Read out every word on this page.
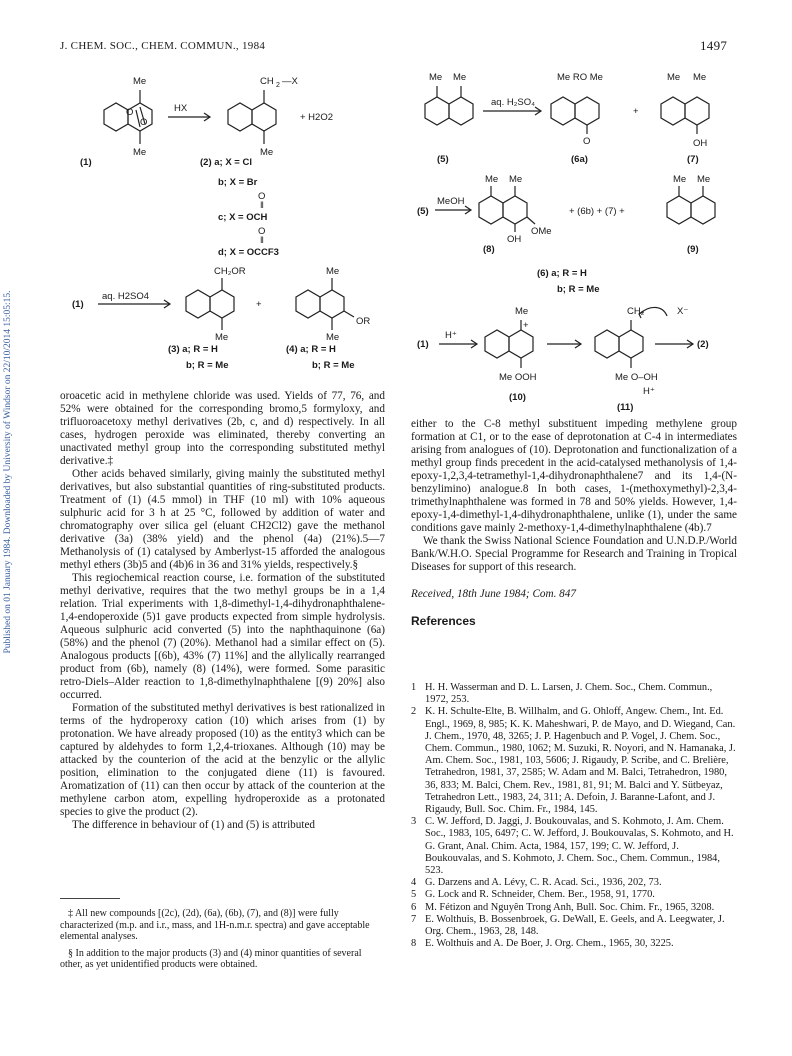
J. CHEM. SOC., CHEM. COMMUN., 1984	1497
Published on 01 January 1984. Downloaded by University of Windsor on 22/10/2014 15:05:15.
Me
Me
O
O
HX
CH 2 —X
Me
+ H2O2
(1)	(2) a; X = Cl
b; X = Br
O
‖
c; X = OCH
O
‖
d; X = OCCF3
aq. H2SO4
(1)
CH₂OR
Me
+
Me
Me
OR
(3) a; R = H
b; R = Me
(4) a; R = H
b; R = Me
Me Me
aq. H₂SO₄
Me RO Me
O
+
Me Me
OH
(5)	(6a)	(7)
(5)
MeOH
Me Me
OMe
OH
+ (6b) + (7) +
Me Me
(8)	(9)
(6) a; R = H
b; R = Me
(1)
H⁺
Me
+
Me OOH
CH₂	X⁻
Me O–OH
H⁺
(2)
(10)
(11)

oroacetic acid in methylene chloride was used. Yields of 77, 76, and 52% were obtained for the corresponding bromo,5 formyloxy, and trifluoroacetoxy methyl derivatives (2b, c, and d) respectively. In all cases, hydrogen peroxide was eliminated, thereby converting an unactivated methyl group into the corresponding substituted methyl derivative.‡

Other acids behaved similarly, giving mainly the substituted methyl derivatives, but also substantial quantities of ring-substituted products. Treatment of (1) (4.5 mmol) in THF (10 ml) with 10% aqueous sulphuric acid for 3 h at 25 °C, followed by addition of water and chromatography over silica gel (eluant CH2Cl2) gave the methanol derivative (3a) (38% yield) and the phenol (4a) (21%).5—7 Methanolysis of (1) catalysed by Amberlyst-15 afforded the analogous methyl ethers (3b)5 and (4b)6 in 36 and 31% yields, respectively.§

This regiochemical reaction course, i.e. formation of the substituted methyl derivative, requires that the two methyl groups be in a 1,4 relation. Trial experiments with 1,8-dimethyl-1,4-dihydronaphthalene-1,4-endoperoxide (5)1 gave products expected from simple hydrolysis. Aqueous sulphuric acid converted (5) into the naphthaquinone (6a) (58%) and the phenol (7) (20%). Methanol had a similar effect on (5). Analogous products [(6b), 43% (7) 11%] and the allylically rearranged product from (6b), namely (8) (14%), were formed. Some parasitic retro-Diels–Alder reaction to 1,8-dimethylnaphthalene [(9) 20%] also occurred.

Formation of the substituted methyl derivatives is best rationalized in terms of the hydroperoxy cation (10) which arises from (1) by protonation. We have already proposed (10) as the entity3 which can be captured by aldehydes to form 1,2,4-trioxanes. Although (10) may be attacked by the counterion of the acid at the benzylic or the allylic position, elimination to the conjugated diene (11) is favoured. Aromatization of (11) can then occur by attack of the counterion at the methylene carbon atom, expelling hydroperoxide as a protonated species to give the product (2).

The difference in behaviour of (1) and (5) is attributed

‡ All new compounds [(2c), (2d), (6a), (6b), (7), and (8)] were fully characterized (m.p. and i.r., mass, and 1H-n.m.r. spectra) and gave acceptable elemental analyses.

§ In addition to the major products (3) and (4) minor quantities of several other, as yet unidentified products were obtained.

either to the C-8 methyl substituent impeding methylene group formation at C1, or to the ease of deprotonation at C-4 in intermediates arising from analogues of (10). Deprotonation and functionalization of a methyl group finds precedent in the acid-catalysed methanolysis of 1,4-epoxy-1,2,3,4-tetramethyl-1,4-dihydronaphthalene7 and its 1,4-(N-benzylimino) analogue.8 In both cases, 1-(methoxymethyl)-2,3,4-trimethylnaphthalene was formed in 78 and 50% yields. However, 1,4-epoxy-1,4-dimethyl-1,4-dihydronaphthalene, unlike (1), under the same conditions gave mainly 2-methoxy-1,4-dimethylnaphthalene (4b).7

We thank the Swiss National Science Foundation and U.N.D.P./World Bank/W.H.O. Special Programme for Research and Training in Tropical Diseases for support of this research.

Received, 18th June 1984; Com. 847

References

1 H. H. Wasserman and D. L. Larsen, J. Chem. Soc., Chem. Commun., 1972, 253.

2 K. H. Schulte-Elte, B. Willhalm, and G. Ohloff, Angew. Chem., Int. Ed. Engl., 1969, 8, 985; K. K. Maheshwari, P. de Mayo, and D. Wiegand, Can. J. Chem., 1970, 48, 3265; J. P. Hagenbuch and P. Vogel, J. Chem. Soc., Chem. Commun., 1980, 1062; M. Suzuki, R. Noyori, and N. Hamanaka, J. Am. Chem. Soc., 1981, 103, 5606; J. Rigaudy, P. Scribe, and C. Brelière, Tetrahedron, 1981, 37, 2585; W. Adam and M. Balci, Tetrahedron, 1980, 36, 833; M. Balci, Chem. Rev., 1981, 81, 91; M. Balci and Y. Sütbeyaz, Tetrahedron Lett., 1983, 24, 311; A. Defoin, J. Baranne-Lafont, and J. Rigaudy, Bull. Soc. Chim. Fr., 1984, 145.

3 C. W. Jefford, D. Jaggi, J. Boukouvalas, and S. Kohmoto, J. Am. Chem. Soc., 1983, 105, 6497; C. W. Jefford, J. Boukouvalas, S. Kohmoto, and H. G. Grant, Anal. Chim. Acta, 1984, 157, 199; C. W. Jefford, J. Boukouvalas, and S. Kohmoto, J. Chem. Soc., Chem. Commun., 1984, 523.

4 G. Darzens and A. Lévy, C. R. Acad. Sci., 1936, 202, 73.

5 G. Lock and R. Schneider, Chem. Ber., 1958, 91, 1770.

6 M. Fétizon and Nguyên Trong Anh, Bull. Soc. Chim. Fr., 1965, 3208.

7 E. Wolthuis, B. Bossenbroek, G. DeWall, E. Geels, and A. Leegwater, J. Org. Chem., 1963, 28, 148.

8 E. Wolthuis and A. De Boer, J. Org. Chem., 1965, 30, 3225.
